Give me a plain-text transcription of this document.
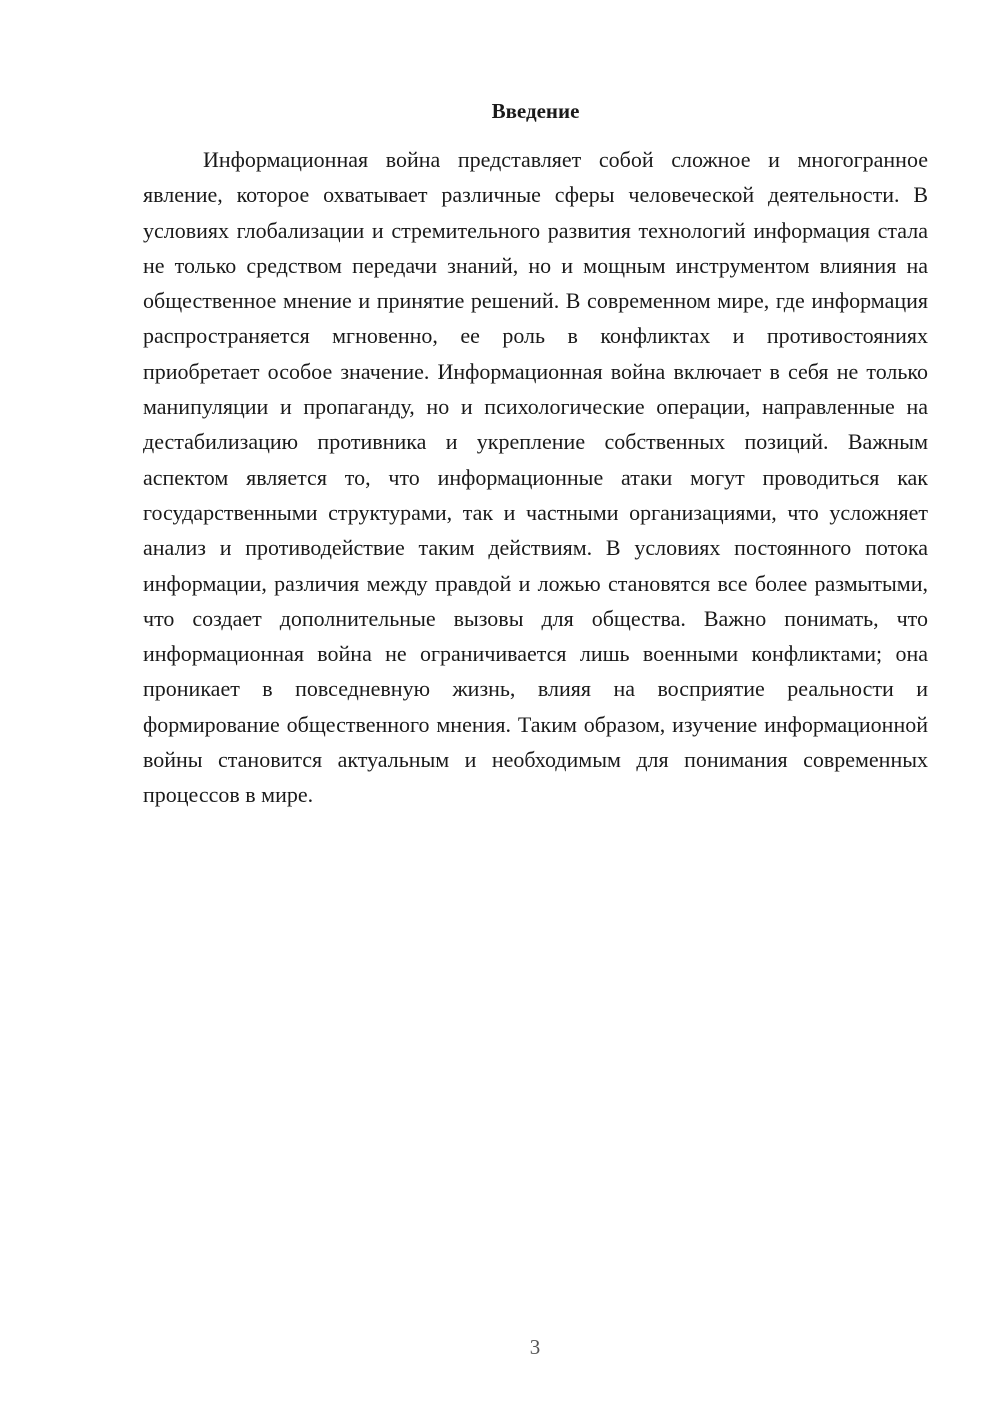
Введение

Информационная война представляет собой сложное и многогранное явление, которое охватывает различные сферы человеческой деятельности. В условиях глобализации и стремительного развития технологий информация стала не только средством передачи знаний, но и мощным инструментом влияния на общественное мнение и принятие решений. В современном мире, где информация распространяется мгновенно, ее роль в конфликтах и противостояниях приобретает особое значение. Информационная война включает в себя не только манипуляции и пропаганду, но и психологические операции, направленные на дестабилизацию противника и укрепление собственных позиций. Важным аспектом является то, что информационные атаки могут проводиться как государственными структурами, так и частными организациями, что усложняет анализ и противодействие таким действиям. В условиях постоянного потока информации, различия между правдой и ложью становятся все более размытыми, что создает дополнительные вызовы для общества. Важно понимать, что информационная война не ограничивается лишь военными конфликтами; она проникает в повседневную жизнь, влияя на восприятие реальности и формирование общественного мнения. Таким образом, изучение информационной войны становится актуальным и необходимым для понимания современных процессов в мире.

3
